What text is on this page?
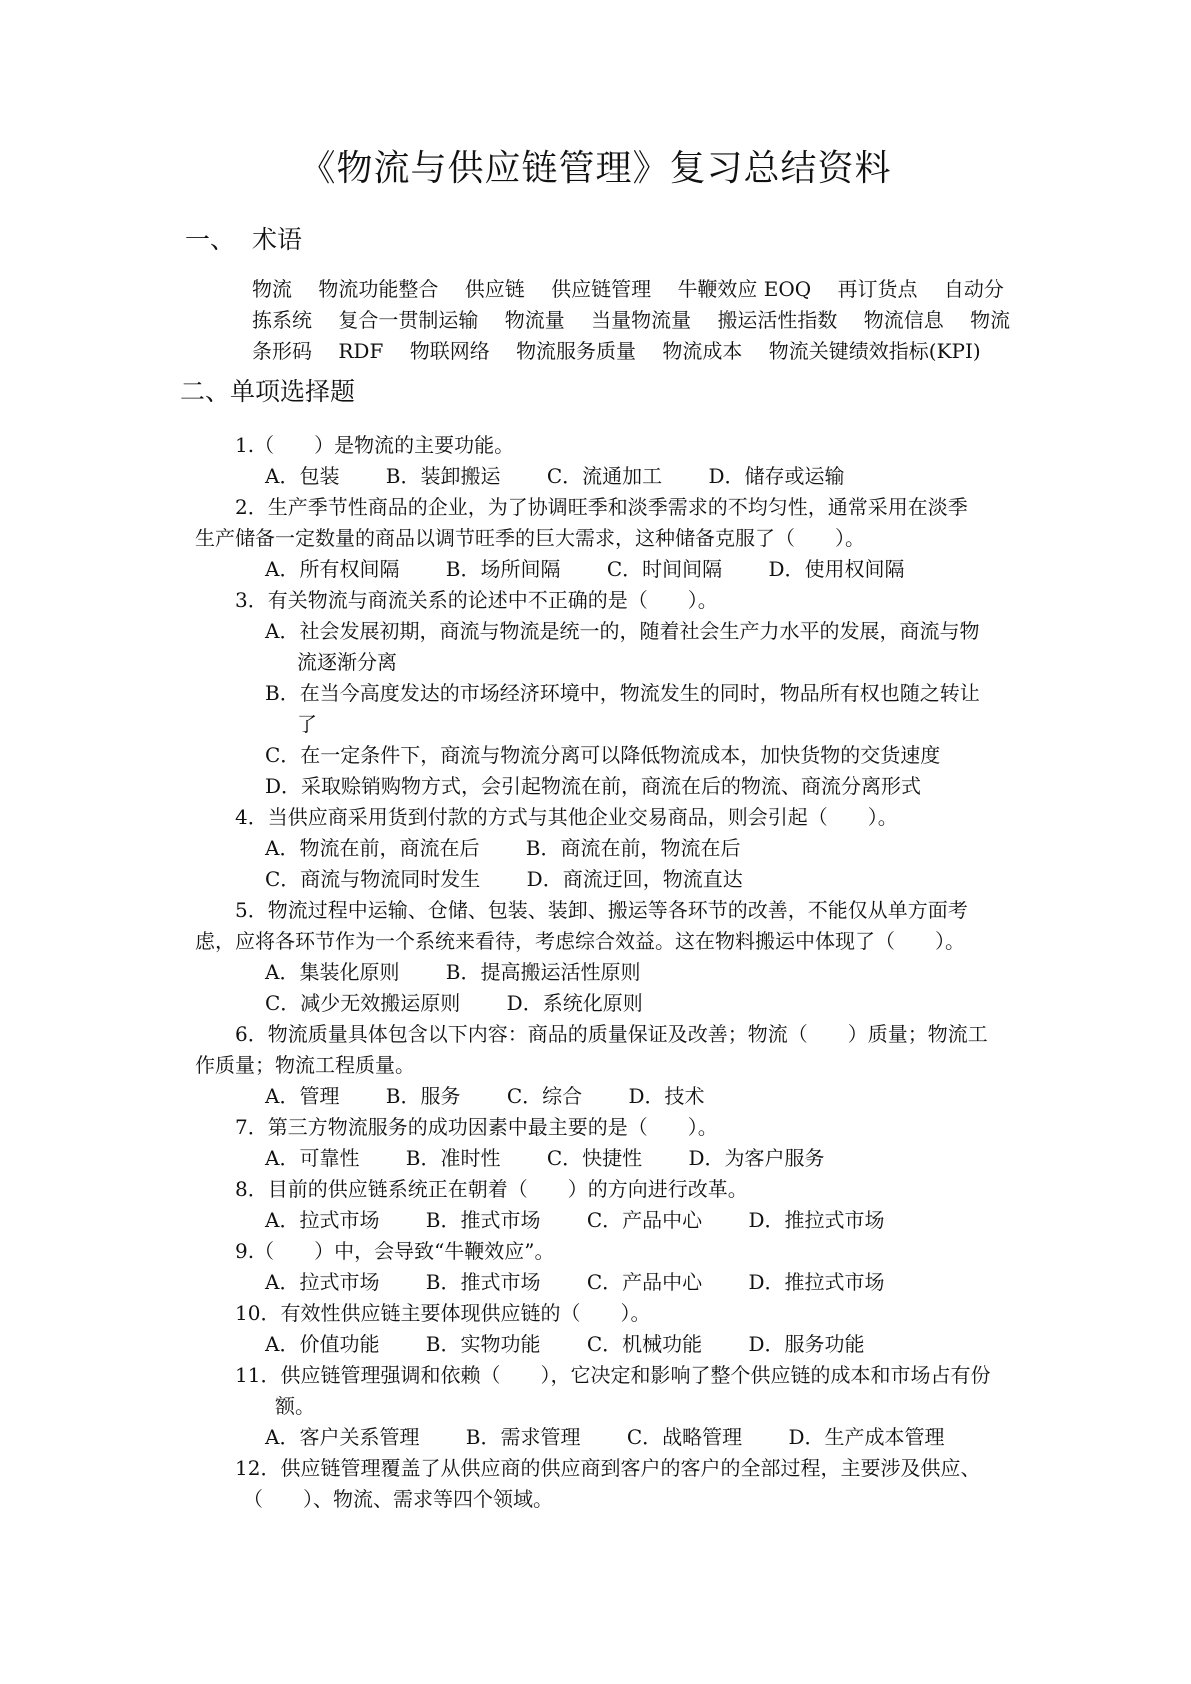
《物流与供应链管理》复习总结资料
一、 术语
物流 物流功能整合 供应链 供应链管理 牛鞭效应 EOQ 再订货点 自动分拣系统 复合一贯制运输 物流量 当量物流量 搬运活性指数 物流信息 物流条形码 RDF 物联网络 物流服务质量 物流成本 物流关键绩效指标(KPI)
二、单项选择题
1.（　　）是物流的主要功能。
A．包装　　 B．装卸搬运　　 C．流通加工　　 D．储存或运输
2．生产季节性商品的企业，为了协调旺季和淡季需求的不均匀性，通常采用在淡季
生产储备一定数量的商品以调节旺季的巨大需求，这种储备克服了（　　）。
A．所有权间隔　　 B．场所间隔　　 C．时间间隔　　 D．使用权间隔
3．有关物流与商流关系的论述中不正确的是（　　）。
A．社会发展初期，商流与物流是统一的，随着社会生产力水平的发展，商流与物
流逐渐分离
B．在当今高度发达的市场经济环境中，物流发生的同时，物品所有权也随之转让
了
C．在一定条件下，商流与物流分离可以降低物流成本，加快货物的交货速度
D．采取赊销购物方式，会引起物流在前，商流在后的物流、商流分离形式
4．当供应商采用货到付款的方式与其他企业交易商品，则会引起（　　）。
A．物流在前，商流在后　　 B．商流在前，物流在后
C．商流与物流同时发生　　 D．商流迂回，物流直达
5．物流过程中运输、仓储、包装、装卸、搬运等各环节的改善，不能仅从单方面考
虑，应将各环节作为一个系统来看待，考虑综合效益。这在物料搬运中体现了（　　）。
A．集装化原则　　 B．提高搬运活性原则
C．减少无效搬运原则　　 D．系统化原则
6．物流质量具体包含以下内容：商品的质量保证及改善；物流（　　）质量；物流工
作质量；物流工程质量。
A．管理　　 B．服务　　 C．综合　　 D．技术
7．第三方物流服务的成功因素中最主要的是（　　）。
A．可靠性　　 B．准时性　　 C．快捷性　　 D．为客户服务
8．目前的供应链系统正在朝着（　　）的方向进行改革。
A．拉式市场　　 B．推式市场　　 C．产品中心　　 D．推拉式市场
9.（　　）中，会导致“牛鞭效应”。
A．拉式市场　　 B．推式市场　　 C．产品中心　　 D．推拉式市场
10．有效性供应链主要体现供应链的（　　）。
A．价值功能　　 B．实物功能　　 C．机械功能　　 D．服务功能
11．供应链管理强调和依赖（　　），它决定和影响了整个供应链的成本和市场占有份
额。
A．客户关系管理　　 B．需求管理　　 C．战略管理　　 D．生产成本管理
12．供应链管理覆盖了从供应商的供应商到客户的客户的全部过程，主要涉及供应、
（　　）、物流、需求等四个领域。
